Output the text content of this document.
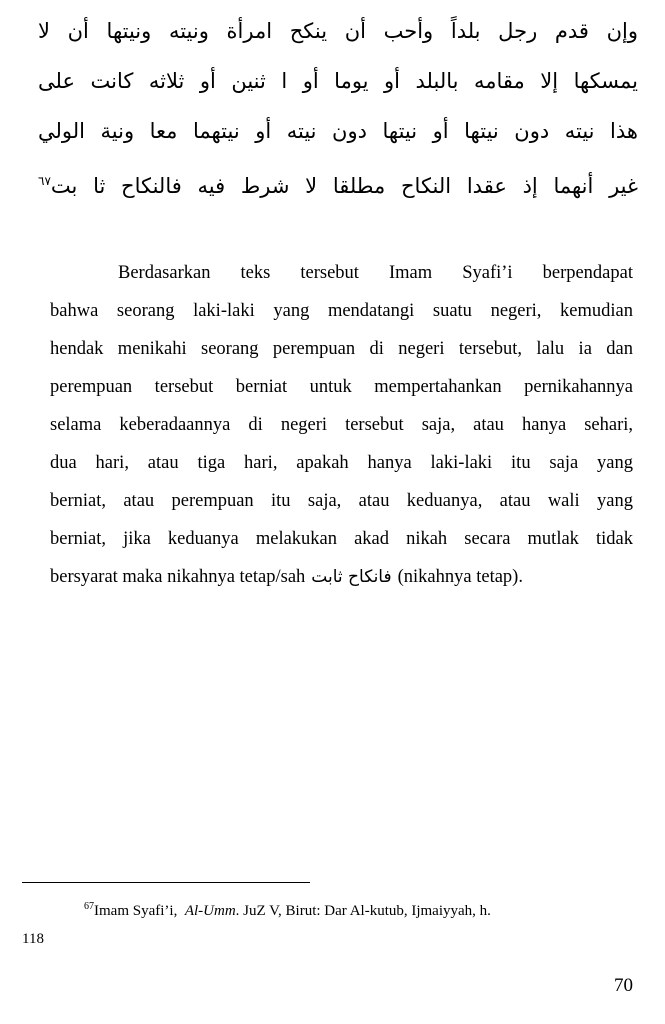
وإن قدم رجل بلداً وأحب أن ينكح امرأة ونيته ونيتها أن لا
يمسكها إلا مقامه بالبلد أو يوما أو ا ثنين أو ثلاثه كانت على
هذا نيته دون نيتها أو نيتها دون نيته أو نيتهما معا ونية الولي
غير أنهما إذ عقدا النكاح مطلقا لا شرط فيه فالنكاح ثا بت$^{٦٧}$
Berdasarkan teks tersebut Imam Syafi’i berpendapat
bahwa seorang laki-laki yang mendatangi suatu negeri, kemudian
hendak menikahi seorang perempuan di negeri tersebut, lalu ia dan
perempuan tersebut berniat untuk mempertahankan pernikahannya
selama keberadaannya di negeri tersebut saja, atau hanya sehari,
dua hari, atau tiga hari, apakah hanya laki-laki itu saja yang
berniat, atau perempuan itu saja, atau keduanya, atau wali yang
berniat, jika keduanya melakukan akad nikah secara mutlak tidak
bersyarat maka nikahnya tetap/sah فانكاح ثابت (nikahnya tetap).
$^{67}$Imam Syafi’i, Al-Umm. JuZ V, Birut: Dar Al-kutub, Ijmaiyyah, h.
118
70
